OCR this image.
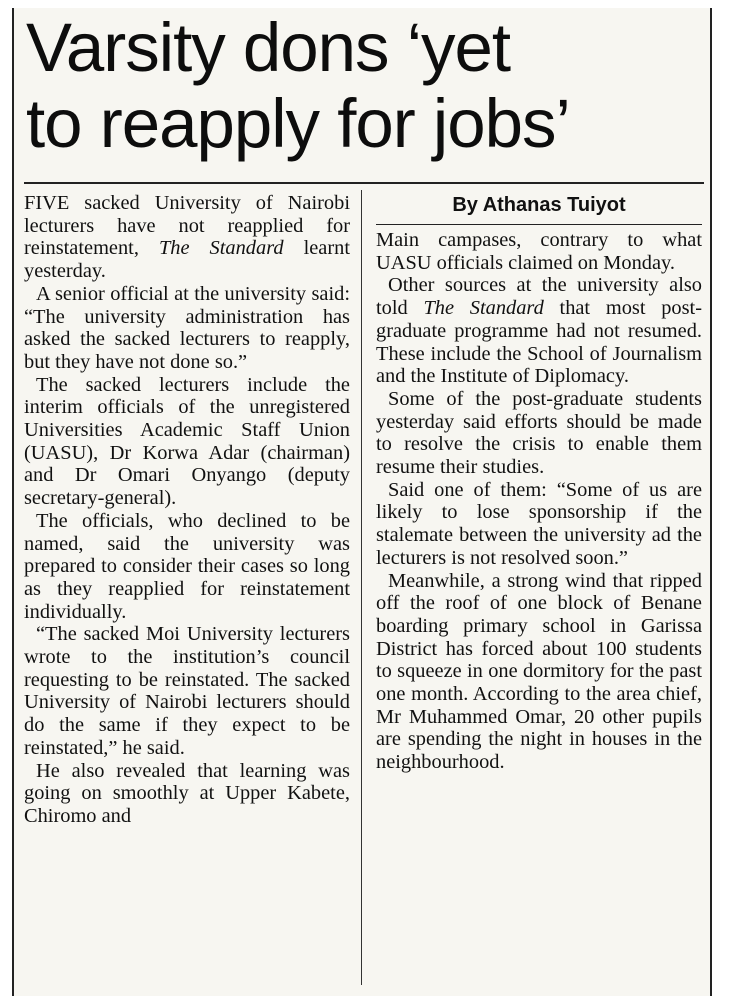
Varsity dons ‘yet
to reapply for jobs’

FIVE sacked University of Nairobi lecturers have not reapplied for reinstatement, The Standard learnt yesterday.

A senior official at the university said: “The university administration has asked the sacked lecturers to reapply, but they have not done so.”

The sacked lecturers include the interim officials of the unregistered Universities Academic Staff Union (UASU), Dr Korwa Adar (chairman) and Dr Omari Onyango (deputy secretary-general).

The officials, who declined to be named, said the university was prepared to consider their cases so long as they reapplied for reinstatement individually.

“The sacked Moi University lecturers wrote to the institution’s council requesting to be reinstated. The sacked University of Nairobi lecturers should do the same if they expect to be reinstated,” he said.

He also revealed that learning was going on smoothly at Upper Kabete, Chiromo and

By Athanas Tuiyot

Main campases, contrary to what UASU officials claimed on Monday.

Other sources at the university also told The Standard that most post-graduate programme had not resumed. These include the School of Journalism and the Institute of Diplomacy.

Some of the post-graduate students yesterday said efforts should be made to resolve the crisis to enable them resume their studies.

Said one of them: “Some of us are likely to lose sponsorship if the stalemate between the university ad the lecturers is not resolved soon.”

Meanwhile, a strong wind that ripped off the roof of one block of Benane boarding primary school in Garissa District has forced about 100 students to squeeze in one dormitory for the past one month. According to the area chief, Mr Muhammed Omar, 20 other pupils are spending the night in houses in the neighbourhood.
